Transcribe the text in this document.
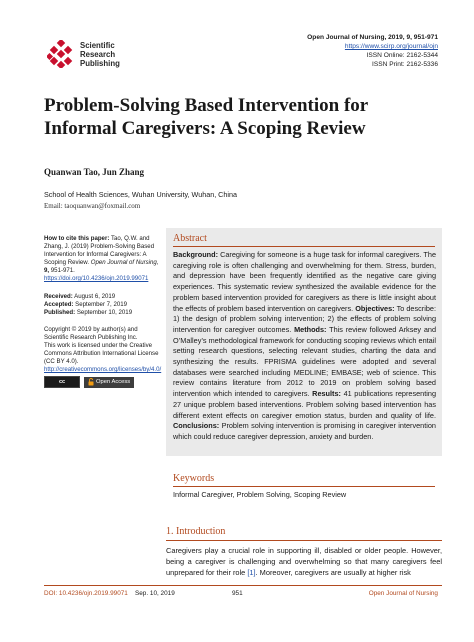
Scientific
Research
Publishing
Open Journal of Nursing, 2019, 9, 951-971
https://www.scirp.org/journal/ojn
ISSN Online: 2162-5344
ISSN Print: 2162-5336
Problem-Solving Based Intervention for
Informal Caregivers: A Scoping Review
Quanwan Tao, Jun Zhang
School of Health Sciences, Wuhan University, Wuhan, China
Email: taoquanwan@foxmail.com
How to cite this paper: Tao, Q.W. and Zhang, J. (2019) Problem-Solving Based Intervention for Informal Caregivers: A Scoping Review. Open Journal of Nursing, 9, 951-971.
https://doi.org/10.4236/ojn.2019.99071
Received: August 6, 2019
Accepted: September 7, 2019
Published: September 10, 2019
Copyright © 2019 by author(s) and Scientific Research Publishing Inc.
This work is licensed under the Creative Commons Attribution International License (CC BY 4.0).
http://creativecommons.org/licenses/by/4.0/
cc	Open Access
Abstract
Background: Caregiving for someone is a huge task for informal caregivers. The caregiving role is often challenging and overwhelming for them. Stress, burden, and depression have been frequently identified as the negative care giving experiences. This systematic review synthesized the available evidence for the problem based intervention provided for caregivers as there is little insight about the effects of problem based intervention on caregivers. Objectives: To describe: 1) the design of problem solving intervention; 2) the effects of problem solving intervention for caregiver outcomes. Methods: This review followed Arksey and O’Malley’s methodological framework for conducting scoping reviews which entail setting research questions, selecting relevant studies, charting the data and synthesizing the results. FPRISMA guidelines were adopted and several databases were searched including MEDLINE; EMBASE; web of science. This review contains literature from 2012 to 2019 on problem solving based intervention which intended to caregivers. Results: 41 publications representing 27 unique problem based interventions. Problem solving based intervention has different extent effects on caregiver emotion status, burden and quality of life. Conclusions: Problem solving intervention is promising in caregiver intervention which could reduce caregiver depression, anxiety and burden.
Keywords
Informal Caregiver, Problem Solving, Scoping Review
1. Introduction
Caregivers play a crucial role in supporting ill, disabled or older people. However, being a caregiver is challenging and overwhelming so that many caregivers feel unprepared for their role [1]. Moreover, caregivers are usually at higher risk
DOI: 10.4236/ojn.2019.99071 Sep. 10, 2019	951	Open Journal of Nursing
